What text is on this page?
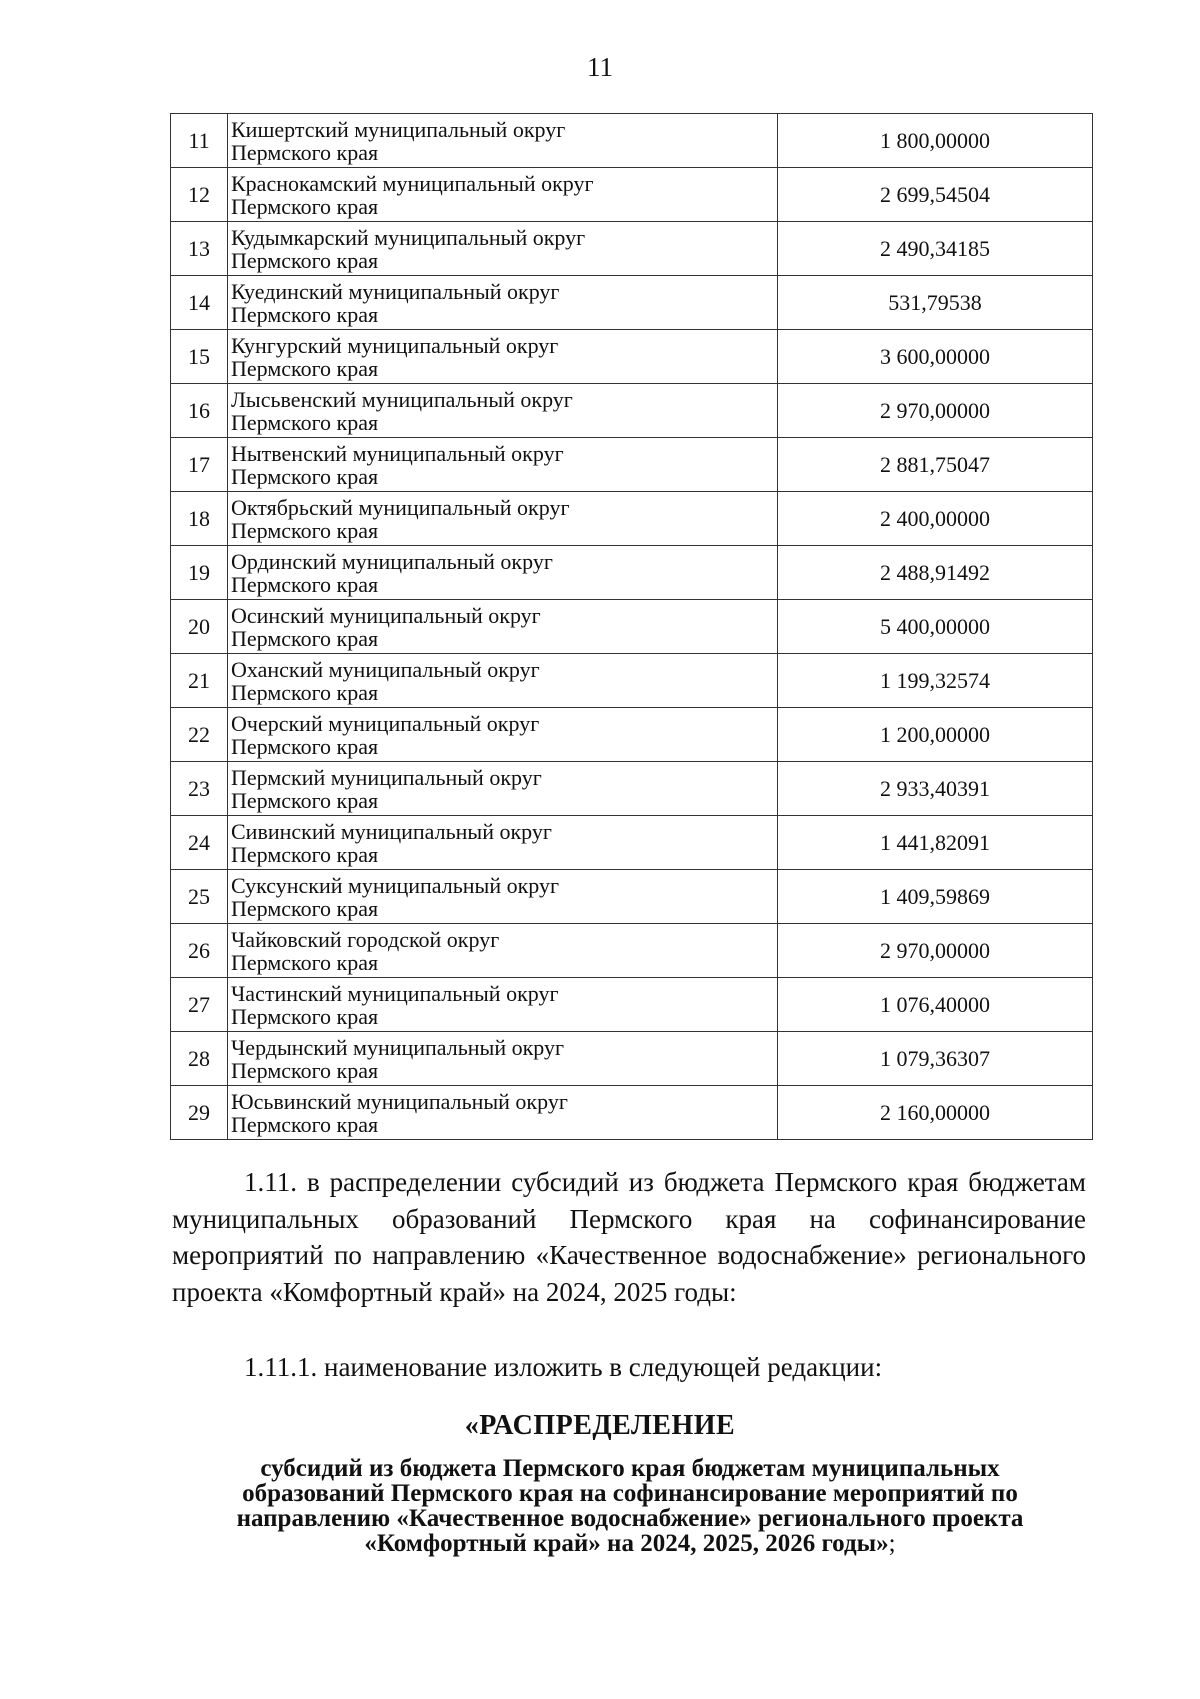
11
11	Кишертский муниципальный округ
Пермского края	1 800,00000
12	Краснокамский муниципальный округ
Пермского края	2 699,54504
13	Кудымкарский муниципальный округ
Пермского края	2 490,34185
14	Куединский муниципальный округ
Пермского края	531,79538
15	Кунгурский муниципальный округ
Пермского края	3 600,00000
16	Лысьвенский муниципальный округ
Пермского края	2 970,00000
17	Нытвенский муниципальный округ
Пермского края	2 881,75047
18	Октябрьский муниципальный округ
Пермского края	2 400,00000
19	Ординский муниципальный округ
Пермского края	2 488,91492
20	Осинский муниципальный округ
Пермского края	5 400,00000
21	Оханский муниципальный округ
Пермского края	1 199,32574
22	Очерский муниципальный округ
Пермского края	1 200,00000
23	Пермский муниципальный округ
Пермского края	2 933,40391
24	Сивинский муниципальный округ
Пермского края	1 441,82091
25	Суксунский муниципальный округ
Пермского края	1 409,59869
26	Чайковский городской округ
Пермского края	2 970,00000
27	Частинский муниципальный округ
Пермского края	1 076,40000
28	Чердынский муниципальный округ
Пермского края	1 079,36307
29	Юсьвинский муниципальный округ
Пермского края	2 160,00000
1.11. в распределении субсидий из бюджета Пермского края бюджетам муниципальных образований Пермского края на софинансирование мероприятий по направлению «Качественное водоснабжение» регионального проекта «Комфортный край» на 2024, 2025 годы:
1.11.1. наименование изложить в следующей редакции:
«РАСПРЕДЕЛЕНИЕ
субсидий из бюджета Пермского края бюджетам муниципальных образований Пермского края на софинансирование мероприятий по направлению «Качественное водоснабжение» регионального проекта «Комфортный край» на 2024, 2025, 2026 годы»;
